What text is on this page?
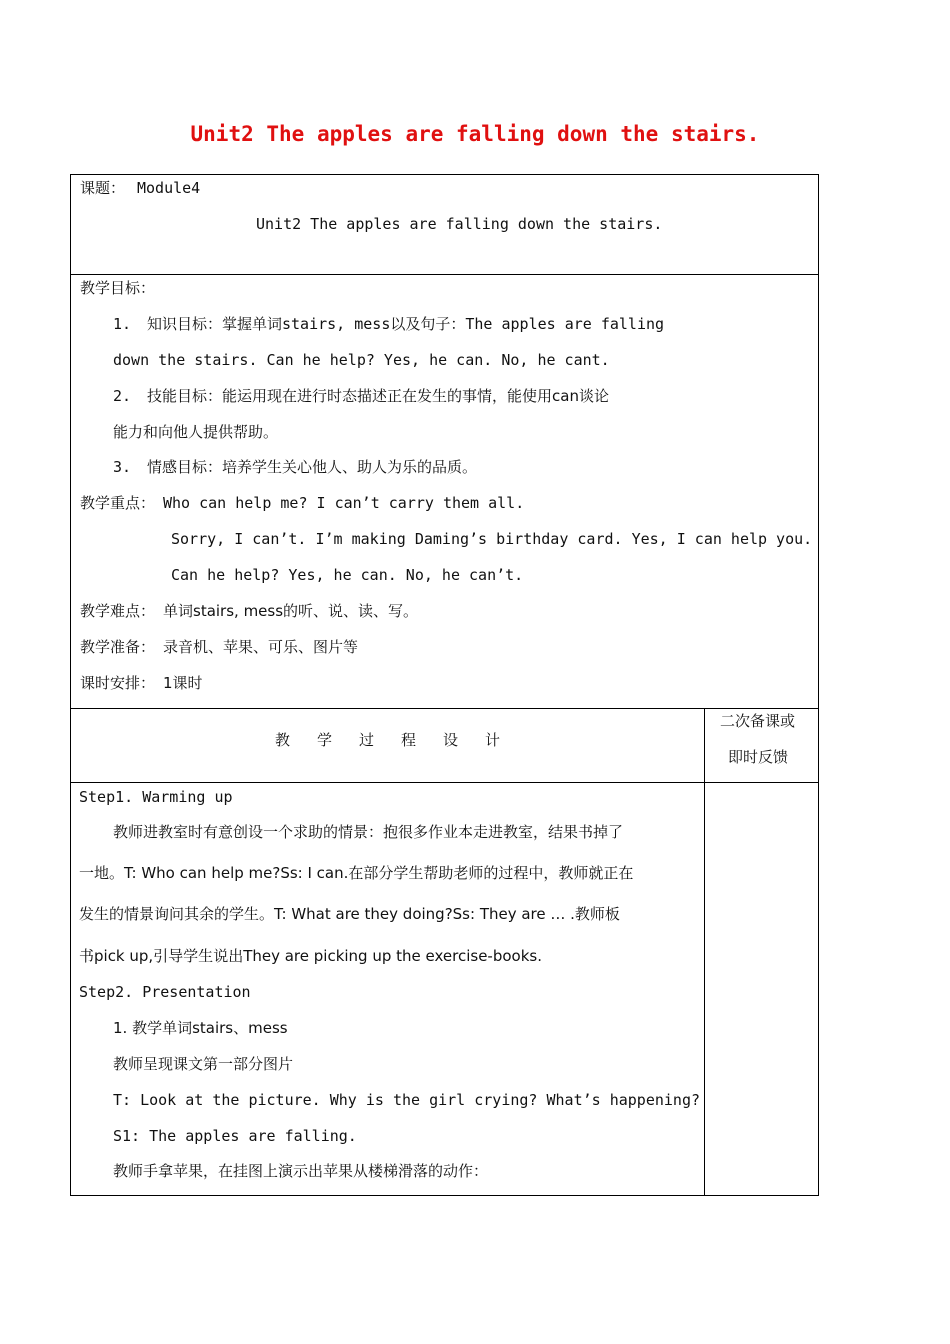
Unit2 The apples are falling down the stairs.
课题： Module4
Unit2 The apples are falling down the stairs.
教学目标：
1. 知识目标：掌握单词stairs, mess以及句子：The apples are falling
down the stairs. Can he help? Yes, he can. No, he cant.
2. 技能目标：能运用现在进行时态描述正在发生的事情，能使用can谈论
能力和向他人提供帮助。
3. 情感目标：培养学生关心他人、助人为乐的品质。
教学重点： Who can help me? I can’t carry them all.
Sorry, I can’t. I’m making Daming’s birthday card. Yes, I can help you.
Can he help? Yes, he can. No, he can’t.
教学难点： 单词stairs, mess的听、说、读、写。
教学准备： 录音机、苹果、可乐、图片等
课时安排： 1课时
教 学 过 程 设 计
二次备课或
即时反馈
Step1. Warming up
教师进教室时有意创设一个求助的情景：抱很多作业本走进教室，结果书掉了
一地。T: Who can help me?Ss: I can.在部分学生帮助老师的过程中，教师就正在
发生的情景询问其余的学生。T: What are they doing?Ss: They are … .教师板
书pick up,引导学生说出They are picking up the exercise-books.
Step2. Presentation
1. 教学单词stairs、mess
教师呈现课文第一部分图片
T: Look at the picture. Why is the girl crying? What’s happening?
S1: The apples are falling.
教师手拿苹果，在挂图上演示出苹果从楼梯滑落的动作：
